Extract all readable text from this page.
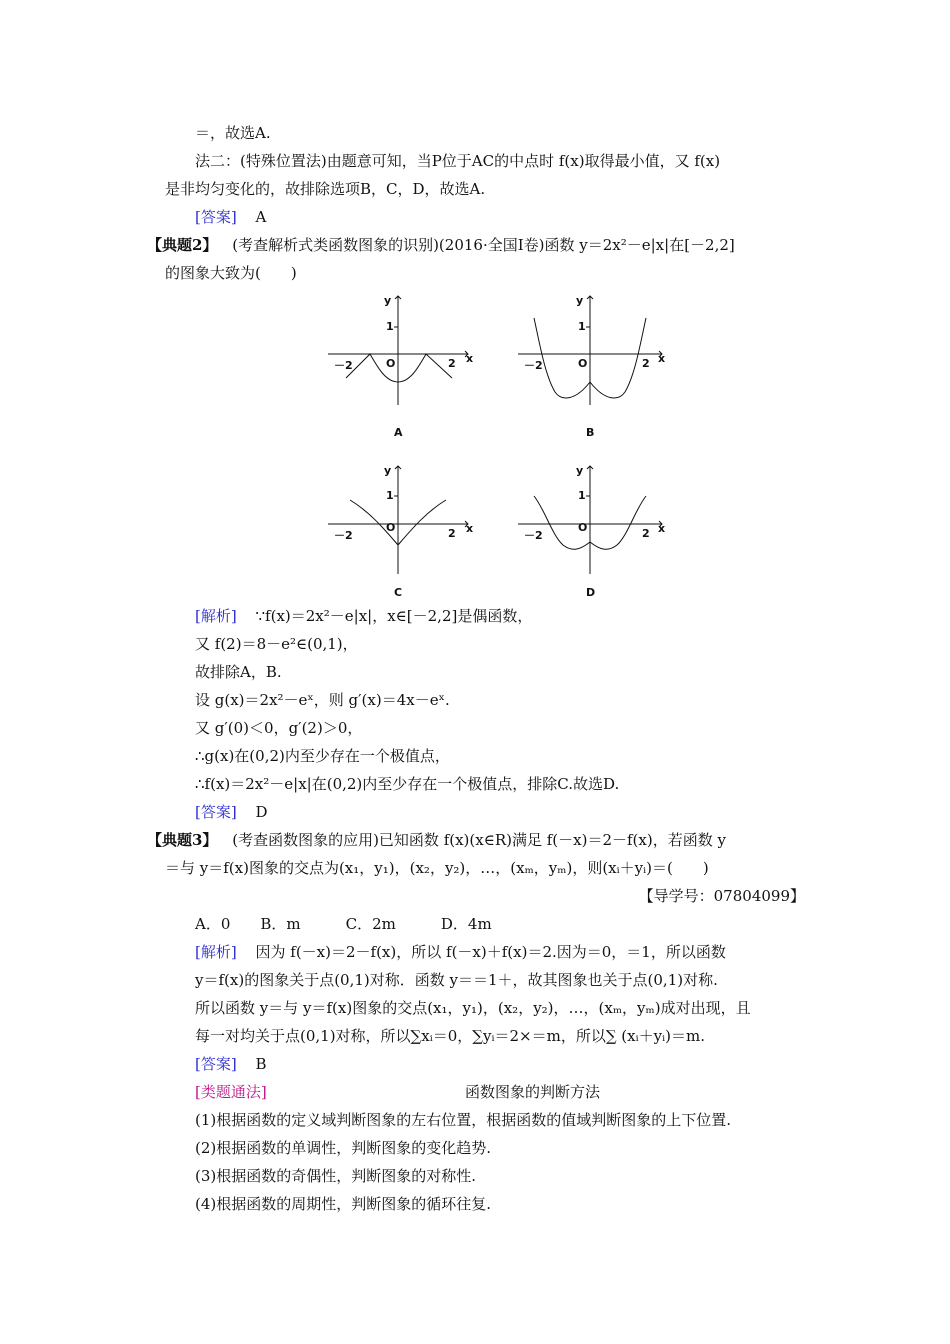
＝，故选A.
法二：(特殊位置法)由题意可知，当P位于AC的中点时 f(x)取得最小值，又 f(x)
是非均匀变化的，故排除选项B，C，D，故选A.
[答案] A
【典题2】 (考查解析式类函数图象的识别)(2016·全国Ⅰ卷)函数 y＝2x²－e|x|在[－2,2]
的图象大致为(　　)
y
1
O
－2	2 x
A
y
1
O
－2	2 x
B
y
1
O
－2	2 x
C
y
1
O
－2	2 x
D
[解析] ∵f(x)＝2x²－e|x|，x∈[－2,2]是偶函数，
又 f(2)＝8－e²∈(0,1)，
故排除A，B.
设 g(x)＝2x²－eˣ，则 g′(x)＝4x－eˣ.
又 g′(0)＜0，g′(2)＞0，
∴g(x)在(0,2)内至少存在一个极值点，
∴f(x)＝2x²－e|x|在(0,2)内至少存在一个极值点，排除C.故选D.
[答案] D
【典题3】 (考查函数图象的应用)已知函数 f(x)(x∈R)满足 f(－x)＝2－f(x)，若函数 y
＝与 y＝f(x)图象的交点为(x₁，y₁)，(x₂，y₂)，…，(xₘ，yₘ)，则(xᵢ＋yᵢ)＝(　　)
【导学号：07804099】
A．0　　B．m　　　C．2m　　　D．4m
[解析] 因为 f(－x)＝2－f(x)，所以 f(－x)＋f(x)＝2.因为＝0，＝1，所以函数
y＝f(x)的图象关于点(0,1)对称．函数 y＝＝1＋，故其图象也关于点(0,1)对称.
所以函数 y＝与 y＝f(x)图象的交点(x₁，y₁)，(x₂，y₂)，…，(xₘ，yₘ)成对出现，且
每一对均关于点(0,1)对称，所以∑xᵢ＝0，∑yᵢ＝2×＝m，所以∑ (xᵢ＋yᵢ)＝m.
[答案] B
[类题通法]	函数图象的判断方法
(1)根据函数的定义域判断图象的左右位置，根据函数的值域判断图象的上下位置.
(2)根据函数的单调性，判断图象的变化趋势.
(3)根据函数的奇偶性，判断图象的对称性.
(4)根据函数的周期性，判断图象的循环往复.
